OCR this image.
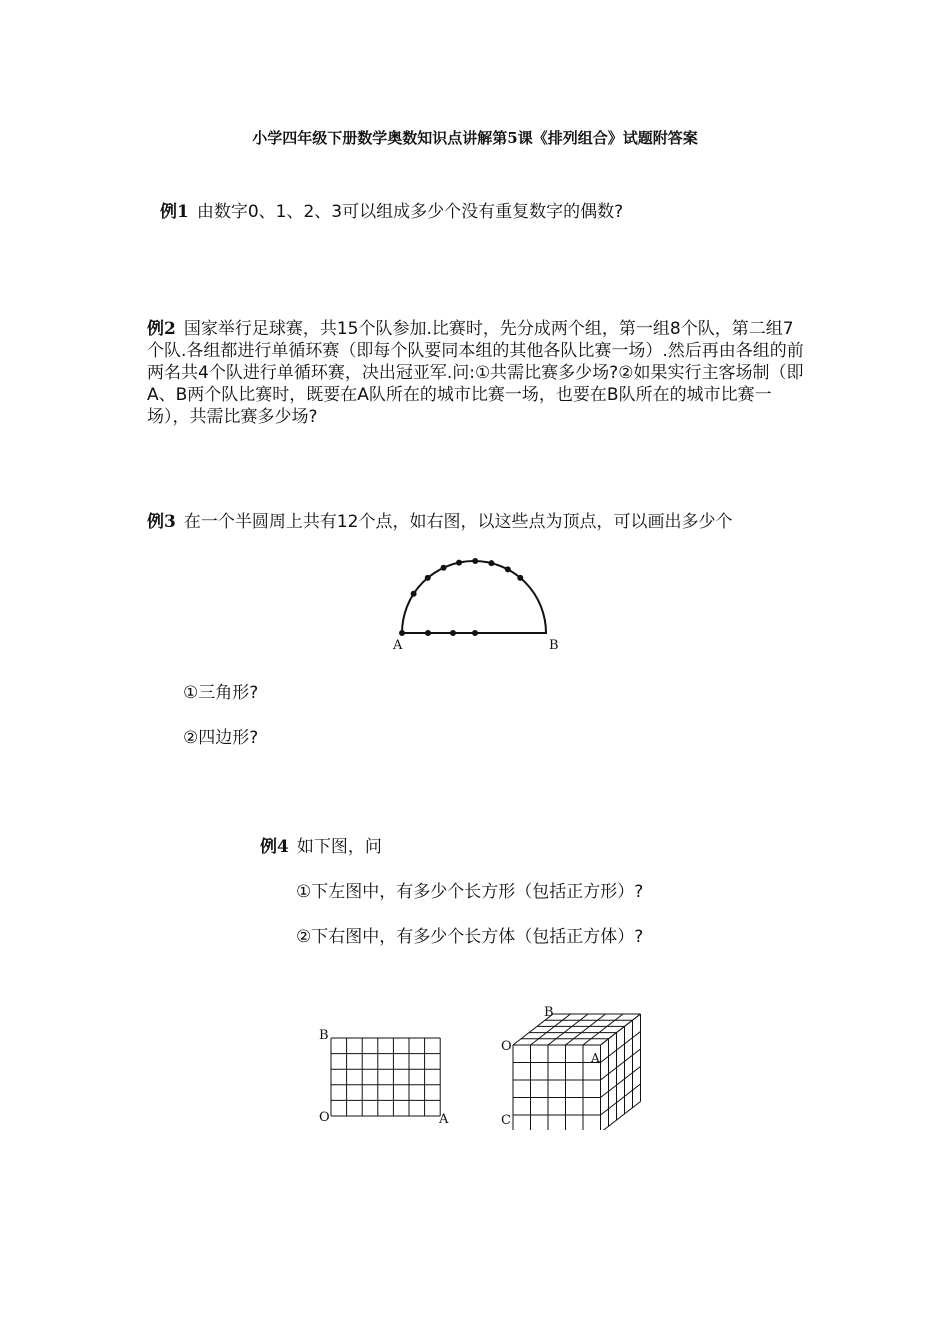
小学四年级下册数学奥数知识点讲解第5课《排列组合》试题附答案
例1 由数字0、1、2、3可以组成多少个没有重复数字的偶数?
例2 国家举行足球赛，共15个队参加.比赛时，先分成两个组，第一组8个队，第二组7个队.各组都进行单循环赛（即每个队要同本组的其他各队比赛一场）.然后再由各组的前两名共4个队进行单循环赛，决出冠亚军.问:①共需比赛多少场?②如果实行主客场制（即A、B两个队比赛时，既要在A队所在的城市比赛一场，也要在B队所在的城市比赛一场），共需比赛多少场?
例3 在一个半圆周上共有12个点，如右图，以这些点为顶点，可以画出多少个
A	B
①三角形?
②四边形?
例4 如下图，问
①下左图中，有多少个长方形（包括正方形）?
②下右图中，有多少个长方体（包括正方体）?
B
O	A
B
O
C
A
